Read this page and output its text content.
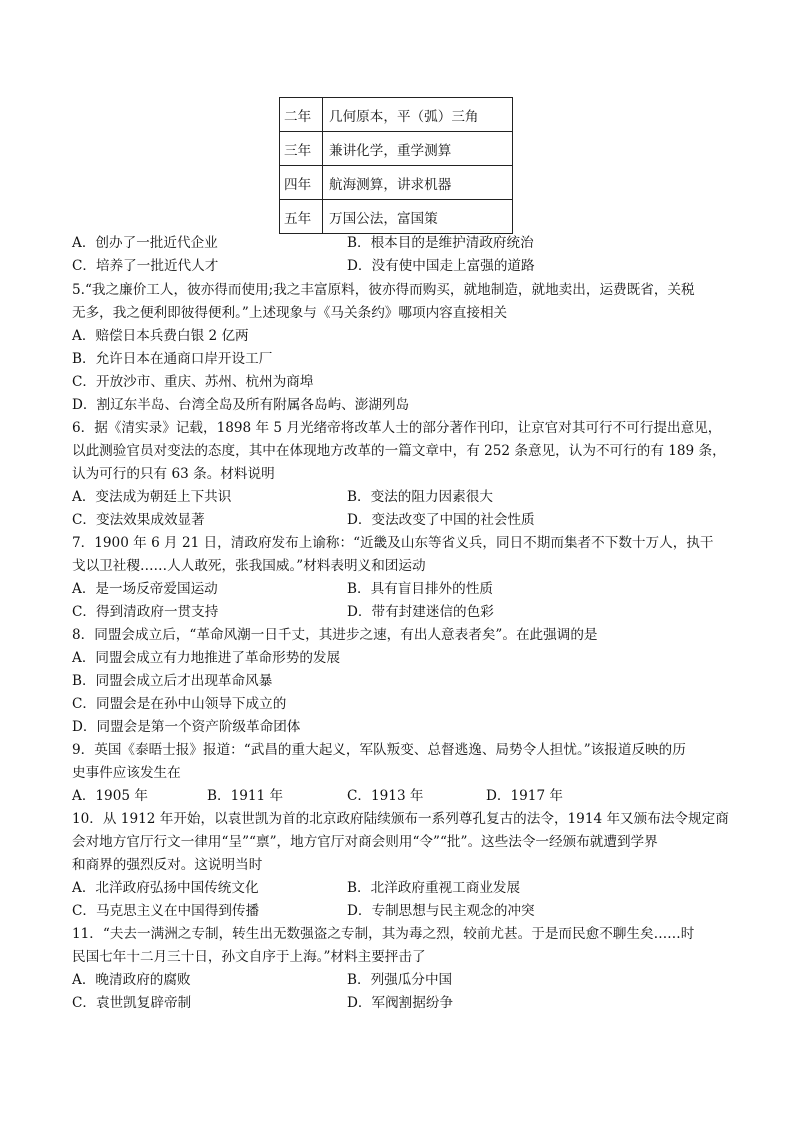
二年	几何原本，平（弧）三角
三年	兼讲化学，重学测算
四年	航海测算，讲求机器
五年	万国公法，富国策
A．创办了一批近代企业	B．根本目的是维护清政府统治
C．培养了一批近代人才	D．没有使中国走上富强的道路
5.“我之廉价工人，彼亦得而使用;我之丰富原料，彼亦得而购买，就地制造，就地卖出，运费既省，关税
无多，我之便利即彼得便利。”上述现象与《马关条约》哪项内容直接相关
A．赔偿日本兵费白银 2 亿两
B．允许日本在通商口岸开设工厂
C．开放沙市、重庆、苏州、杭州为商埠
D．割辽东半岛、台湾全岛及所有附属各岛屿、澎湖列岛
6．据《清实录》记载，1898 年 5 月光绪帝将改革人士的部分著作刊印，让京官对其可行不可行提出意见，
以此测验官员对变法的态度，其中在体现地方改革的一篇文章中，有 252 条意见，认为不可行的有 189 条，
认为可行的只有 63 条。材料说明
A．变法成为朝廷上下共识	B．变法的阻力因素很大
C．变法效果成效显著	D．变法改变了中国的社会性质
7．1900 年 6 月 21 日，清政府发布上谕称：“近畿及山东等省义兵，同日不期而集者不下数十万人，执干
戈以卫社稷……人人敢死，张我国威。”材料表明义和团运动
A．是一场反帝爱国运动	B．具有盲目排外的性质
C．得到清政府一贯支持	D．带有封建迷信的色彩
8．同盟会成立后，“革命风潮一日千丈，其进步之速，有出人意表者矣”。在此强调的是
A．同盟会成立有力地推进了革命形势的发展
B．同盟会成立后才出现革命风暴
C．同盟会是在孙中山领导下成立的
D．同盟会是第一个资产阶级革命团体
9．英国《泰晤士报》报道：“武昌的重大起义，军队叛变、总督逃逸、局势令人担忧。”该报道反映的历
史事件应该发生在
A．1905 年	B．1911 年	C．1913 年	D．1917 年
10．从 1912 年开始，以袁世凯为首的北京政府陆续颁布一系列尊孔复古的法令，1914 年又颁布法令规定商
会对地方官厅行文一律用“呈”“禀”，地方官厅对商会则用“令”“批”。这些法令一经颁布就遭到学界
和商界的强烈反对。这说明当时
A．北洋政府弘扬中国传统文化	B．北洋政府重视工商业发展
C．马克思主义在中国得到传播	D．专制思想与民主观念的冲突
11．“夫去一满洲之专制，转生出无数强盗之专制，其为毒之烈，较前尤甚。于是而民愈不聊生矣……时
民国七年十二月三十日，孙文自序于上海。”材料主要抨击了
A．晚清政府的腐败	B．列强瓜分中国
C．袁世凯复辟帝制	D．军阀割据纷争
